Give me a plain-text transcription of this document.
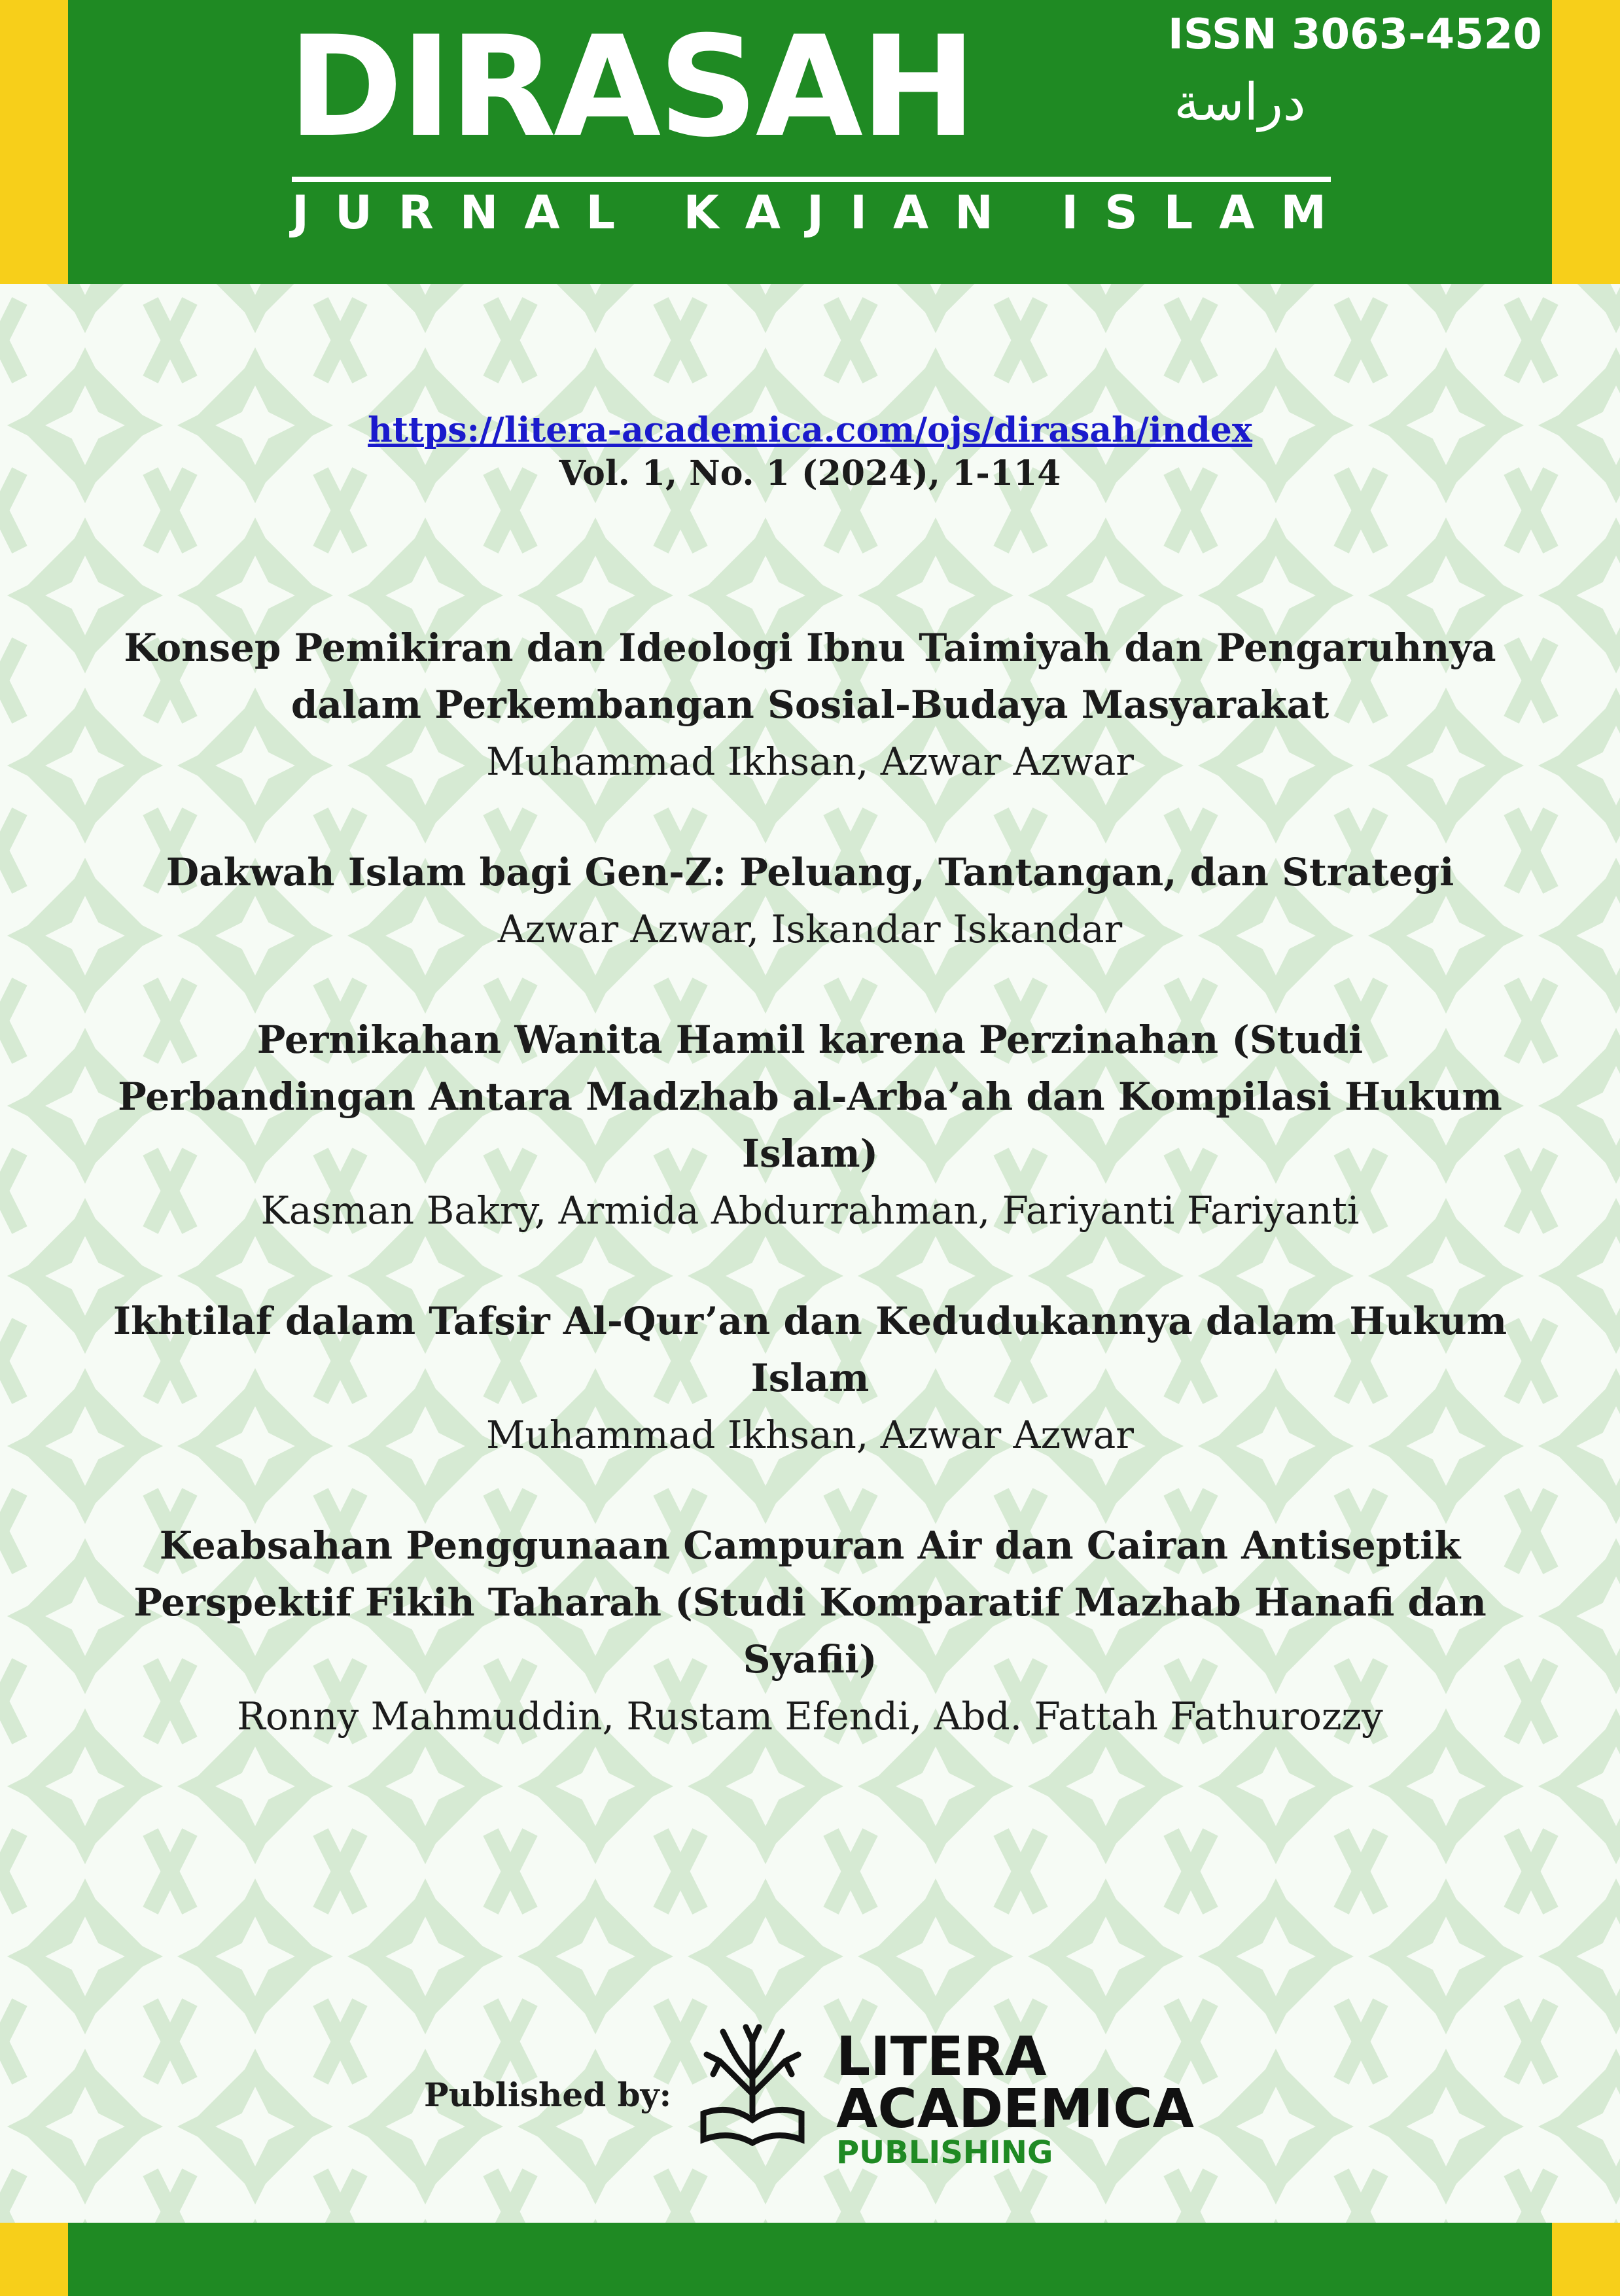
ISSN 3063-4520
DIRASAH	دراسة
JURNAL KAJIAN ISLAM
https://litera-academica.com/ojs/dirasah/index
Vol. 1, No. 1 (2024), 1-114
Konsep Pemikiran dan Ideologi Ibnu Taimiyah dan Pengaruhnya dalam Perkembangan Sosial-Budaya Masyarakat
Muhammad Ikhsan, Azwar Azwar
Dakwah Islam bagi Gen-Z: Peluang, Tantangan, dan Strategi
Azwar Azwar, Iskandar Iskandar
Pernikahan Wanita Hamil karena Perzinahan (Studi Perbandingan Antara Madzhab al-Arba’ah dan Kompilasi Hukum Islam)
Kasman Bakry, Armida Abdurrahman, Fariyanti Fariyanti
Ikhtilaf dalam Tafsir Al-Qur’an dan Kedudukannya dalam Hukum Islam
Muhammad Ikhsan, Azwar Azwar
Keabsahan Penggunaan Campuran Air dan Cairan Antiseptik Perspektif Fikih Taharah (Studi Komparatif Mazhab Hanafi dan Syafii)
Ronny Mahmuddin, Rustam Efendi, Abd. Fattah Fathurozzy
Published by:
LITERA
ACADEMICA
PUBLISHING
